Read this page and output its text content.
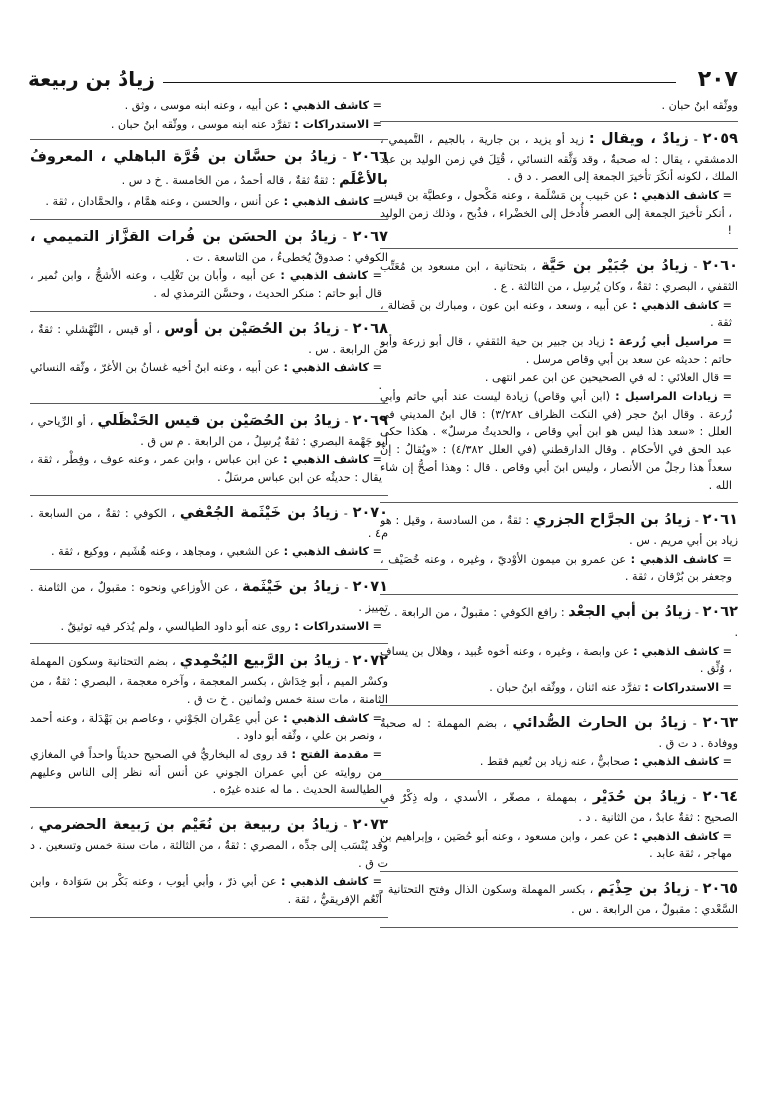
٢٠٧
زيادُ بن ربيعة

ووثّقه ابنُ حبان .

٢٠٥٩ - زيادٌ ، ويقال : زيد أو يزيد ، بن جارية ، بالجيم ، التَّميمي ، الدمشقي ، يقال : له صحبةٌ ، وقد وَثَّقه النسائي ، قُتِلَ في زمن الوليد بن عبد الملك ، لكونه أنكَرَ تأخيرَ الجمعة إلى العصر . د ق .

= كاشف الذهبي : عن حَبيب بن مَسْلَمة ، وعنه مَكْحول ، وعطيَّة بن قيس ، أنكر تأخيرَ الجمعة إلى العصر فأُدخل إلى الخضْراء ، فذُبح ، وذلك زمن الوليد !

٢٠٦٠ - زيادُ بن جُبَيْر بن حَيَّة ، بتحتانية ، ابن مسعود بن مُعَتِّب الثقفي ، البصري : ثقةٌ ، وكان يُرسِل ، من الثالثة . ع .

= كاشف الذهبي : عن أبيه ، وسعد ، وعنه ابن عون ، ومبارك بن فَضالة ، ثقة .

= مراسيل أبي زُرعة : زياد بن جبير بن حية الثقفي ، قال أبو زرعة وأبو حاتم : حديثه عن سعد بن أبي وقاص مرسل .

= قال العلائي : له في الصحيحين عن ابن عمر انتهى .

= زيادات المراسيل : (ابن أبي وقاص) زيادة ليست عند أبي حاتم وأبي زُرعة . وقال ابنُ حجر (في النكت الظراف ٣/٢٨٢) : قال ابنُ المديني في العلل : «سعد هذا ليس هو ابن أبي وقاص ، والحديثُ مرسلٌ» . هكذا حكى عبد الحق في الأحكام . وقال الدارقطني (في العلل ٤/٣٨٢) : «ويُقالُ : إنَّ سعداً هذا رجلٌ من الأنصار ، وليس ابنَ أبي وقاص . قال : وهذا أصحُّ إن شاء الله .

٢٠٦١ - زيادُ بن الجرَّاح الجزري : ثقةٌ ، من السادسة ، وقيل : هو زياد بن أبي مريم . س .

= كاشف الذهبي : عن عمرو بن ميمون الأوْديّ ، وغيره ، وعنه خُصَيْف ، وجعفر بن بُرْقان ، ثقة .

٢٠٦٢ - زيادُ بن أبي الجعْد : رافع الكوفي : مقبولٌ ، من الرابعة . ت .

= كاشف الذهبي : عن وابصة ، وغيره ، وعنه أخوه عُبيد ، وهلال بن يساف ، وُثِّق .

= الاستدراكات : تفرَّد عنه اثنان ، ووثّقه ابنُ حبان .

٢٠٦٣ - زيادُ بن الحارث الصُّدائي ، بضم المهملة : له صحبةٌ ووفادة . د ت ق .

= كاشف الذهبي : صحابيٌّ ، عنه زياد بن نُعيم فقط .

٢٠٦٤ - زيادُ بن حُدَيْر ، بمهملة ، مصغّر ، الأسدي ، وله ذِكْرٌ في الصحيح : ثقةٌ عابدٌ ، من الثانية . د .

= كاشف الذهبي : عن عمر ، وابن مسعود ، وعنه أبو حُصَين ، وإبراهيم بن مهاجر ، ثقة عابد .

٢٠٦٥ - زيادُ بن حِذْيَم ، بكسر المهملة وسكون الذال وفتح التحتانية ، السَّعْدي : مقبولٌ ، من الرابعة . س .

= كاشف الذهبي : عن أبيه ، وعنه ابنه موسى ، وثق .

= الاستدراكات : تفرَّد عنه ابنه موسى ، ووثّقه ابنُ حبان .

٢٠٦٦ - زيادُ بن حسَّان بن قُرَّة الباهلي ، المعروفُ بالأعْلَم : ثقةٌ ثقةٌ ، قاله أحمدُ ، من الخامسة . خ د س .

= كاشف الذهبي : عن أنس ، والحسن ، وعنه همَّام ، والحمَّادان ، ثقة .

٢٠٦٧ - زيادُ بن الحسَن بن فُرات القزَّاز التميمي ، الكوفي : صدوقٌ يُخطىءُ ، من التاسعة . ت .

= كاشف الذهبي : عن أبيه ، وأبان بن تَغْلِب ، وعنه الأشجُّ ، وابن نُمير ، قال أبو حاتم : منكر الحديث ، وحسَّن الترمذي له .

٢٠٦٨ - زيادُ بن الحُصَيْن بن أوس ، أو قيس ، النَّهْشلي : ثقةٌ ، من الرابعة . س .

= كاشف الذهبي : عن أبيه ، وعنه ابنُ أخيه غسانُ بن الأغرّ ، وثّقه النسائي .

٢٠٦٩ - زيادُ بن الحُصَيْن بن قيس الحَنْظَلي ، أو الرِّياحي ، أبو جَهْمة البصري : ثقةٌ يُرسِلُ ، من الرابعة . م س ق .

= كاشف الذهبي : عن ابن عباس ، وابن عمر ، وعنه عوف ، وفِطْر ، ثقة ، يقال : حديثُه عن ابن عباس مرسَلٌ .

٢٠٧٠ - زيادُ بن خَيْثَمة الجُعْفي ، الكوفي : ثقةٌ ، من السابعة . م٤ .

= كاشف الذهبي : عن الشعبي ، ومجاهد ، وعنه هُشَيم ، ووكيع ، ثقة .

٢٠٧١ - زيادُ بن خَيْثَمة ، عن الأوزاعي ونحوه : مقبولٌ ، من الثامنة . تمييز .

= الاستدراكات : روى عنه أبو داود الطيالسي ، ولم يُذكر فيه توثيقٌ .

٢٠٧٢ - زيادُ بن الرَّبيع اليُحْمِدي ، بضم التحتانية وسكون المهملة وكسْر الميم ، أبو خِدَاش ، بكسر المعجمة ، وآخره معجمة ، البصري : ثقةٌ ، من الثامنة ، مات سنة خمس وثمانين . خ ت ق .

= كاشف الذهبي : عن أبي عِمْران الجَوْني ، وعاصم بن بَهْدَلة ، وعنه أحمد ، ونصر بن علي ، وثّقه أبو داود .

= مقدمة الفتح : قد روى له البخاريُّ في الصحيح حديثاً واحداً في المغازي من روايته عن أبي عمران الجوني عن أنس أنه نظر إلى الناس وعليهم الطيالسة الحديث . ما له عنده غيرُه .

٢٠٧٣ - زيادُ بن ربيعة بن نُعَيْم بن رَبيعة الحضرمي ، وقد يُنْسَب إلى جدِّه ، المصري : ثقةٌ ، من الثالثة ، مات سنة خمس وتسعين . د ت ق .

= كاشف الذهبي : عن أبي ذرّ ، وأبي أيوب ، وعنه بَكْر بن سَوَادة ، وابن أَنْعُم الإفريقيُّ ، ثقة .
